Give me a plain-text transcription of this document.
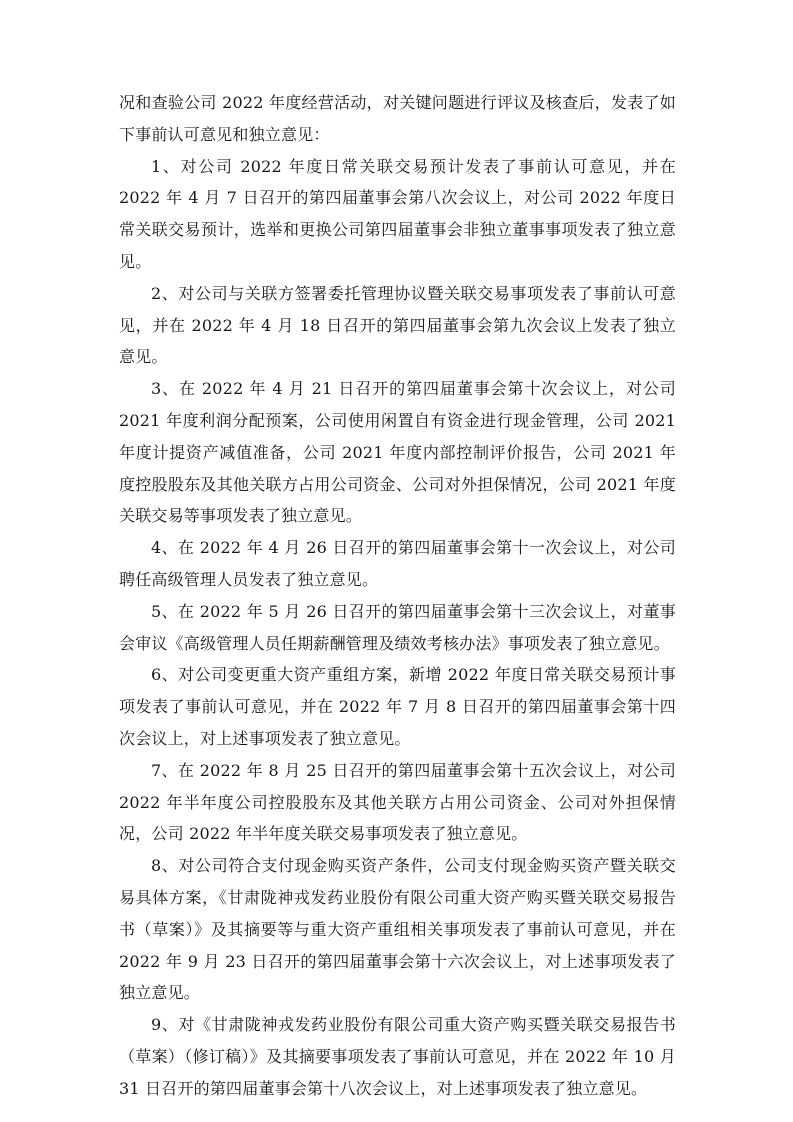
况和查验公司 2022 年度经营活动，对关键问题进行评议及核查后，发表了如下事前认可意见和独立意见：

1、对公司 2022 年度日常关联交易预计发表了事前认可意见，并在 2022 年 4 月 7 日召开的第四届董事会第八次会议上，对公司 2022 年度日常关联交易预计，选举和更换公司第四届董事会非独立董事事项发表了独立意见。

2、对公司与关联方签署委托管理协议暨关联交易事项发表了事前认可意见，并在 2022 年 4 月 18 日召开的第四届董事会第九次会议上发表了独立意见。

3、在 2022 年 4 月 21 日召开的第四届董事会第十次会议上，对公司 2021 年度利润分配预案，公司使用闲置自有资金进行现金管理，公司 2021 年度计提资产减值准备，公司 2021 年度内部控制评价报告，公司 2021 年度控股股东及其他关联方占用公司资金、公司对外担保情况，公司 2021 年度关联交易等事项发表了独立意见。

4、在 2022 年 4 月 26 日召开的第四届董事会第十一次会议上，对公司聘任高级管理人员发表了独立意见。

5、在 2022 年 5 月 26 日召开的第四届董事会第十三次会议上，对董事会审议《高级管理人员任期薪酬管理及绩效考核办法》事项发表了独立意见。

6、对公司变更重大资产重组方案，新增 2022 年度日常关联交易预计事项发表了事前认可意见，并在 2022 年 7 月 8 日召开的第四届董事会第十四次会议上，对上述事项发表了独立意见。

7、在 2022 年 8 月 25 日召开的第四届董事会第十五次会议上，对公司 2022 年半年度公司控股股东及其他关联方占用公司资金、公司对外担保情况，公司 2022 年半年度关联交易事项发表了独立意见。

8、对公司符合支付现金购买资产条件，公司支付现金购买资产暨关联交易具体方案，《甘肃陇神戎发药业股份有限公司重大资产购买暨关联交易报告书（草案）》及其摘要等与重大资产重组相关事项发表了事前认可意见，并在 2022 年 9 月 23 日召开的第四届董事会第十六次会议上，对上述事项发表了独立意见。

9、对《甘肃陇神戎发药业股份有限公司重大资产购买暨关联交易报告书（草案）（修订稿）》及其摘要事项发表了事前认可意见，并在 2022 年 10 月 31 日召开的第四届董事会第十八次会议上，对上述事项发表了独立意见。
